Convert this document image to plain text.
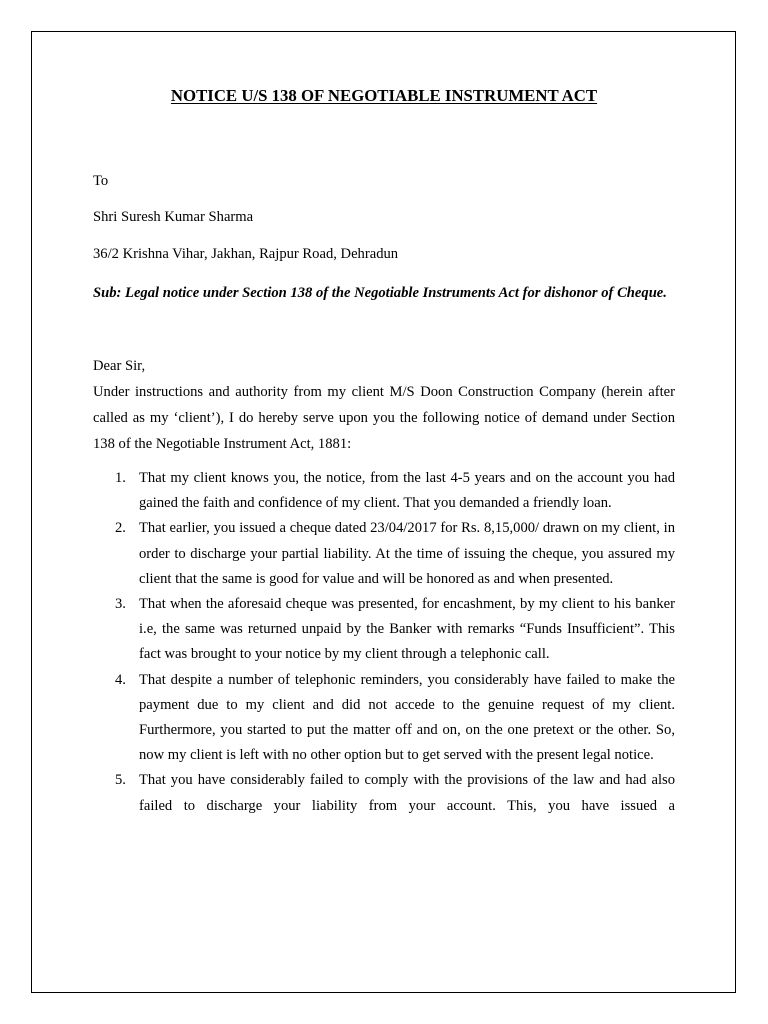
NOTICE U/S 138 OF NEGOTIABLE INSTRUMENT ACT
To
Shri Suresh Kumar Sharma
36/2 Krishna Vihar, Jakhan, Rajpur Road, Dehradun

Sub: Legal notice under Section 138 of the Negotiable Instruments Act for dishonor of Cheque.

Dear Sir,

Under instructions and authority from my client M/S Doon Construction Company (herein after called as my ‘client’), I do hereby serve upon you the following notice of demand under Section 138 of the Negotiable Instrument Act, 1881:

1. That my client knows you, the notice, from the last 4-5 years and on the account you had gained the faith and confidence of my client. That you demanded a friendly loan.
2. That earlier, you issued a cheque dated 23/04/2017 for Rs. 8,15,000/ drawn on my client, in order to discharge your partial liability. At the time of issuing the cheque, you assured my client that the same is good for value and will be honored as and when presented.
3. That when the aforesaid cheque was presented, for encashment, by my client to his banker i.e, the same was returned unpaid by the Banker with remarks “Funds Insufficient”. This fact was brought to your notice by my client through a telephonic call.
4. That despite a number of telephonic reminders, you considerably have failed to make the payment due to my client and did not accede to the genuine request of my client. Furthermore, you started to put the matter off and on, on the one pretext or the other. So, now my client is left with no other option but to get served with the present legal notice.
5. That you have considerably failed to comply with the provisions of the law and had also failed to discharge your liability from your account. This, you have issued a
